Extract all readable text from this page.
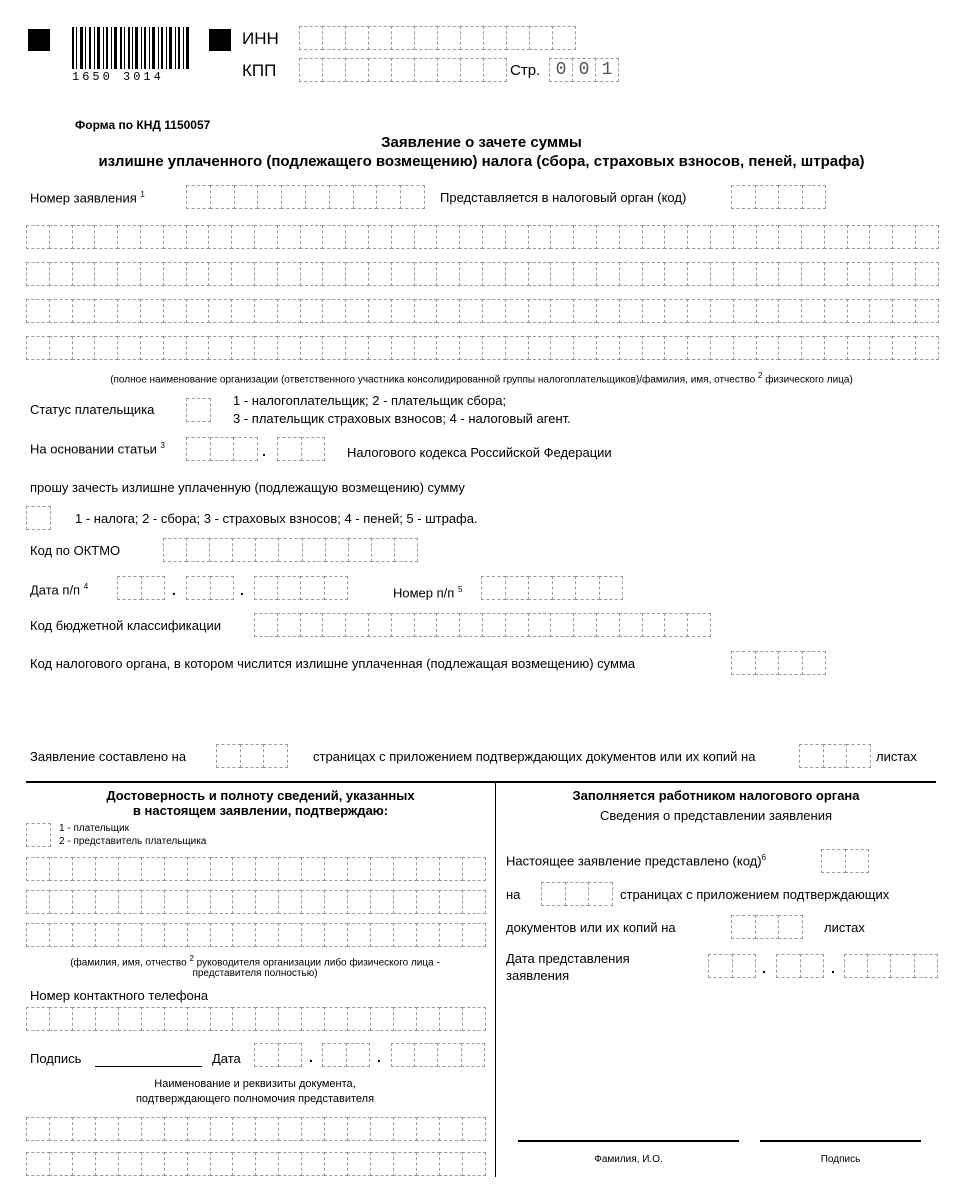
1650 3014
ИНН
КПП	Стр. 0 0 1
Форма по КНД 1150057
Заявление о зачете суммы
излишне уплаченного (подлежащего возмещению) налога (сбора, страховых взносов, пеней, штрафа)
Номер заявления $^1$	Представляется в налоговый орган (код)
(полное наименование организации (ответственного участника консолидированной группы налогоплательщиков)/фамилия, имя, отчество $^2$ физического лица)
Статус плательщика
1 - налогоплательщик; 2 - плательщик сбора;
3 - плательщик страховых взносов; 4 - налоговый агент.
На основании статьи $^3$	.	Налогового кодекса Российской Федерации
прошу зачесть излишне уплаченную (подлежащую возмещению) сумму
1 - налога; 2 - сбора; 3 - страховых взносов; 4 - пеней; 5 - штрафа.
Код по ОКТМО
Дата п/п $^4$	.	.	Номер п/п $^5$
Код бюджетной классификации
Код налогового органа, в котором числится излишне уплаченная (подлежащая возмещению) сумма
Заявление составлено на	страницах с приложением подтверждающих документов или их копий на	листах
Достоверность и полноту сведений, указанных
в настоящем заявлении, подтверждаю:
1 - плательщик
2 - представитель плательщика
(фамилия, имя, отчество $^2$ руководителя организации либо физического лица -
представителя полностью)
Номер контактного телефона
Подпись	Дата	.	.
Наименование и реквизиты документа,
подтверждающего полномочия представителя
Заполняется работником налогового органа
Сведения о представлении заявления
Настоящее заявление представлено (код)$^6$
на	страницах с приложением подтверждающих
документов или их копий на	листах
Дата представления
заявления	.	.
Фамилия, И.О.	Подпись
